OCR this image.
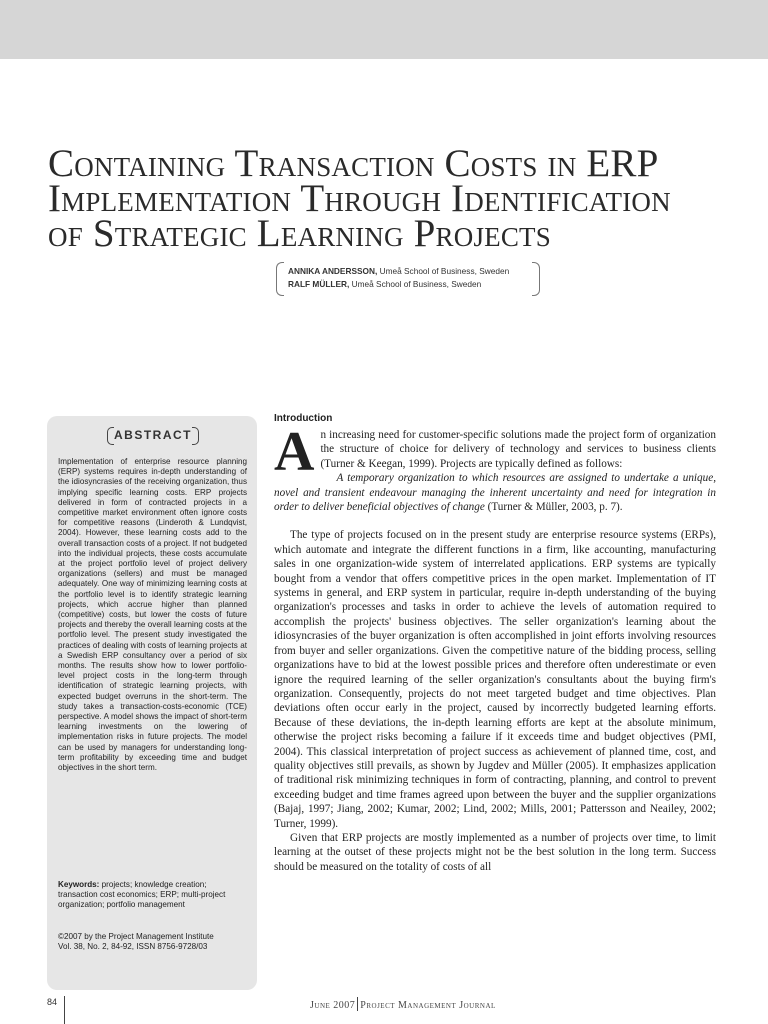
Containing Transaction Costs in ERP
Implementation Through Identification
of Strategic Learning Projects
ANNIKA ANDERSSON, Umeå School of Business, Sweden
RALF MÜLLER, Umeå School of Business, Sweden
ABSTRACT

Implementation of enterprise resource planning (ERP) systems requires in-depth understanding of the idiosyncrasies of the receiving organization, thus implying specific learning costs. ERP projects delivered in form of contracted projects in a competitive market environment often ignore costs for competitive reasons (Linderoth & Lundqvist, 2004). However, these learning costs add to the overall transaction costs of a project. If not budgeted into the individual projects, these costs accumulate at the project portfolio level of project delivery organizations (sellers) and must be managed adequately. One way of minimizing learning costs at the portfolio level is to identify strategic learning projects, which accrue higher than planned (competitive) costs, but lower the costs of future projects and thereby the overall learning costs at the portfolio level. The present study investigated the practices of dealing with costs of learning projects at a Swedish ERP consultancy over a period of six months. The results show how to lower portfolio-level project costs in the long-term through identification of strategic learning projects, with expected budget overruns in the short-term. The study takes a transaction-costs-economic (TCE) perspective. A model shows the impact of short-term learning investments on the lowering of implementation risks in future projects. The model can be used by managers for understanding long-term profitability by exceeding time and budget objectives in the short term.

Keywords: projects; knowledge creation; transaction cost economics; ERP; multi-project organization; portfolio management

©2007 by the Project Management Institute
Vol. 38, No. 2, 84-92, ISSN 8756-9728/03

Introduction

An increasing need for customer-specific solutions made the project form of organization the structure of choice for delivery of technology and services to business clients (Turner & Keegan, 1999). Projects are typically defined as follows:

A temporary organization to which resources are assigned to undertake a unique, novel and transient endeavour managing the inherent uncertainty and need for integration in order to deliver beneficial objectives of change (Turner & Müller, 2003, p. 7).

The type of projects focused on in the present study are enterprise resource systems (ERPs), which automate and integrate the different functions in a firm, like accounting, manufacturing sales in one organization-wide system of interrelated applications. ERP systems are typically bought from a vendor that offers competitive prices in the open market. Implementation of IT systems in general, and ERP system in particular, require in-depth understanding of the buying organization's processes and tasks in order to achieve the levels of automation required to accomplish the projects' business objectives. The seller organization's learning about the idiosyncrasies of the buyer organization is often accomplished in joint efforts involving resources from buyer and seller organizations. Given the competitive nature of the bidding process, selling organizations have to bid at the lowest possible prices and therefore often underestimate or even ignore the required learning of the seller organization's consultants about the buying firm's organization. Consequently, projects do not meet targeted budget and time objectives. Plan deviations often occur early in the project, caused by incorrectly budgeted learning efforts. Because of these deviations, the in-depth learning efforts are kept at the absolute minimum, otherwise the project risks becoming a failure if it exceeds time and budget objectives (PMI, 2004). This classical interpretation of project success as achievement of planned time, cost, and quality objectives still prevails, as shown by Jugdev and Müller (2005). It emphasizes application of traditional risk minimizing techniques in form of contracting, planning, and control to prevent exceeding budget and time frames agreed upon between the buyer and the supplier organizations (Bajaj, 1997; Jiang, 2002; Kumar, 2002; Lind, 2002; Mills, 2001; Pattersson and Neailey, 2002; Turner, 1999).

Given that ERP projects are mostly implemented as a number of projects over time, to limit learning at the outset of these projects might not be the best solution in the long term. Success should be measured on the totality of costs of all

84	June 2007 Project Management Journal
